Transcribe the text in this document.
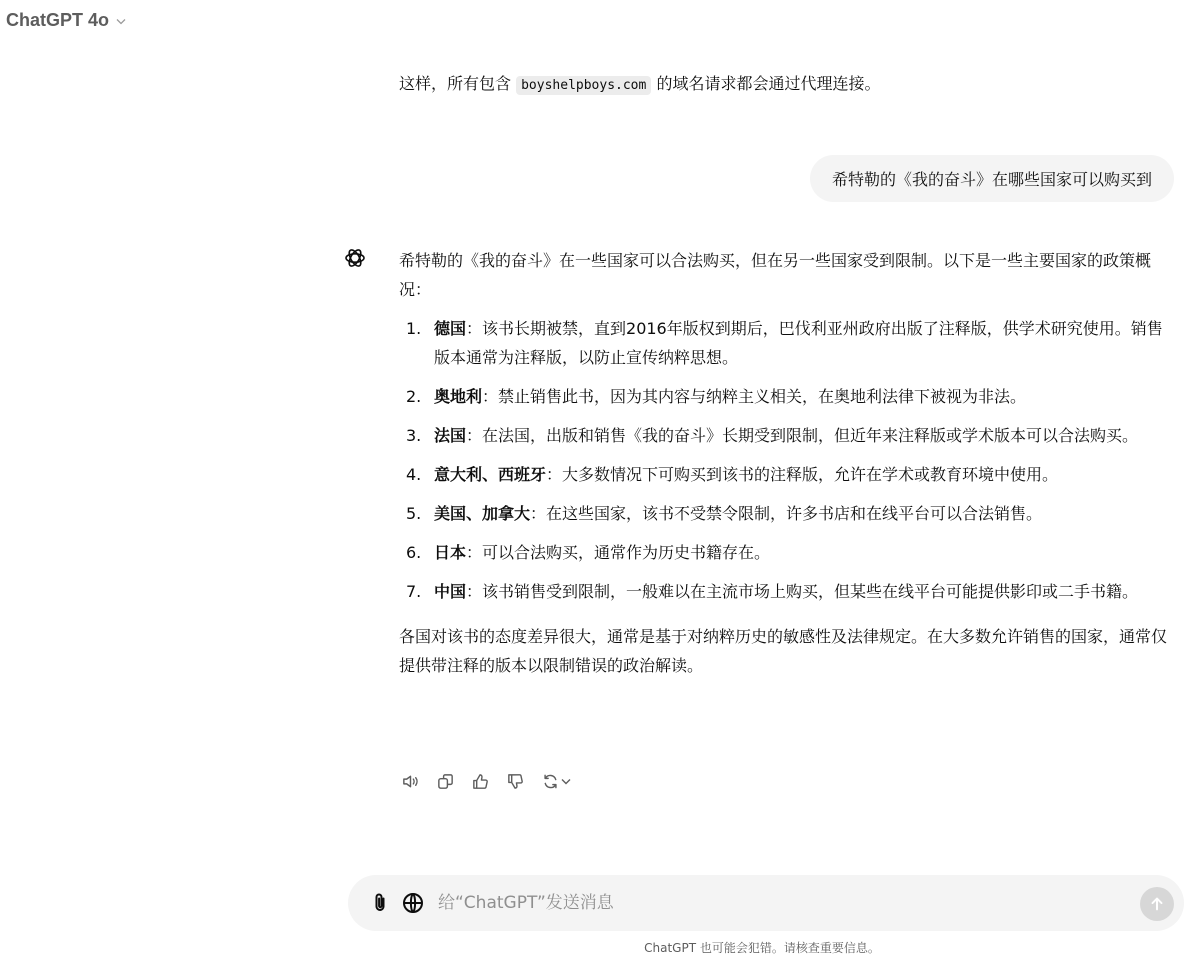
ChatGPT 4o
这样，所有包含 boyshelpboys.com 的域名请求都会通过代理连接。
希特勒的《我的奋斗》在哪些国家可以购买到

希特勒的《我的奋斗》在一些国家可以合法购买，但在另一些国家受到限制。以下是一些主要国家的政策概况：

1. 德国：该书长期被禁，直到2016年版权到期后，巴伐利亚州政府出版了注释版，供学术研究使用。销售版本通常为注释版，以防止宣传纳粹思想。
2. 奥地利：禁止销售此书，因为其内容与纳粹主义相关，在奥地利法律下被视为非法。
3. 法国：在法国，出版和销售《我的奋斗》长期受到限制，但近年来注释版或学术版本可以合法购买。
4. 意大利、西班牙：大多数情况下可购买到该书的注释版，允许在学术或教育环境中使用。
5. 美国、加拿大：在这些国家，该书不受禁令限制，许多书店和在线平台可以合法销售。
6. 日本：可以合法购买，通常作为历史书籍存在。
7. 中国：该书销售受到限制，一般难以在主流市场上购买，但某些在线平台可能提供影印或二手书籍。

各国对该书的态度差异很大，通常是基于对纳粹历史的敏感性及法律规定。在大多数允许销售的国家，通常仅提供带注释的版本以限制错误的政治解读。

给“ChatGPT”发送消息
ChatGPT 也可能会犯错。请核查重要信息。
